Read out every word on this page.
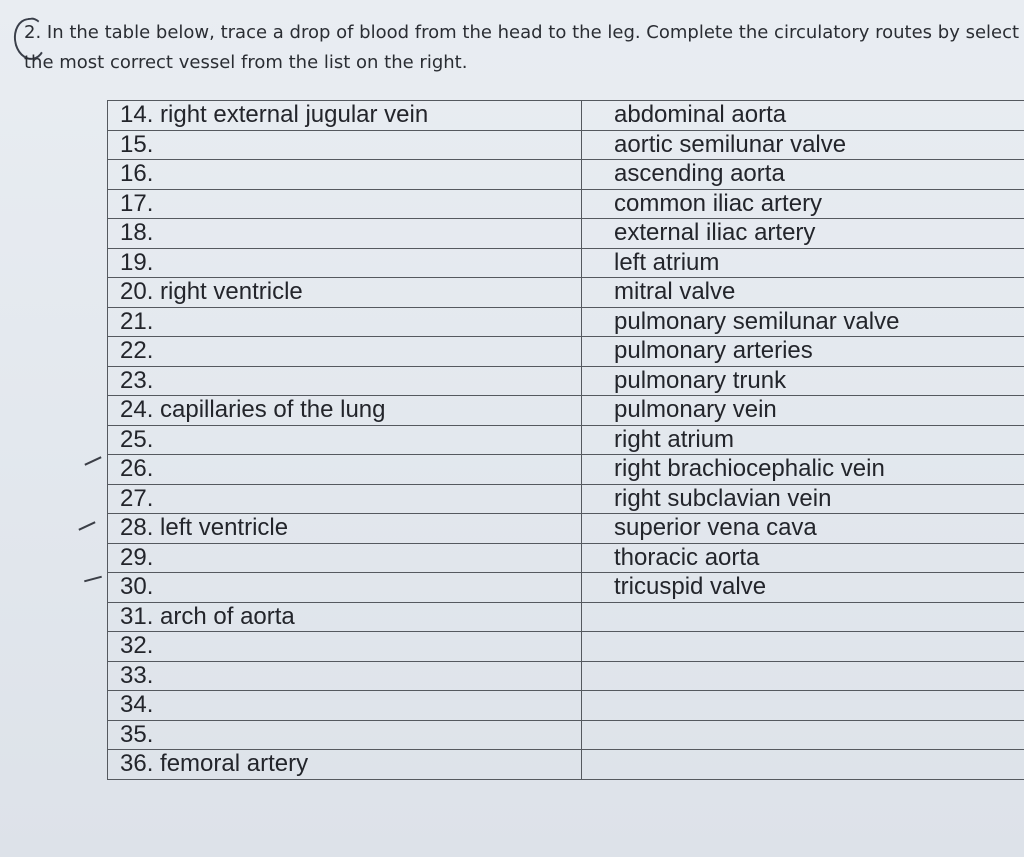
2. In the table below, trace a drop of blood from the head to the leg. Complete the circulatory routes by select

the most correct vessel from the list on the right.

14. right external jugular vein	abdominal aorta
15.	aortic semilunar valve
16.	ascending aorta
17.	common iliac artery
18.	external iliac artery
19.	left atrium
20. right ventricle	mitral valve
21.	pulmonary semilunar valve
22.	pulmonary arteries
23.	pulmonary trunk
24. capillaries of the lung	pulmonary vein
25.	right atrium
26.	right brachiocephalic vein
27.	right subclavian vein
28. left ventricle	superior vena cava
29.	thoracic aorta
30.	tricuspid valve
31. arch of aorta	
32.	
33.	
34.	
35.	
36. femoral artery	
